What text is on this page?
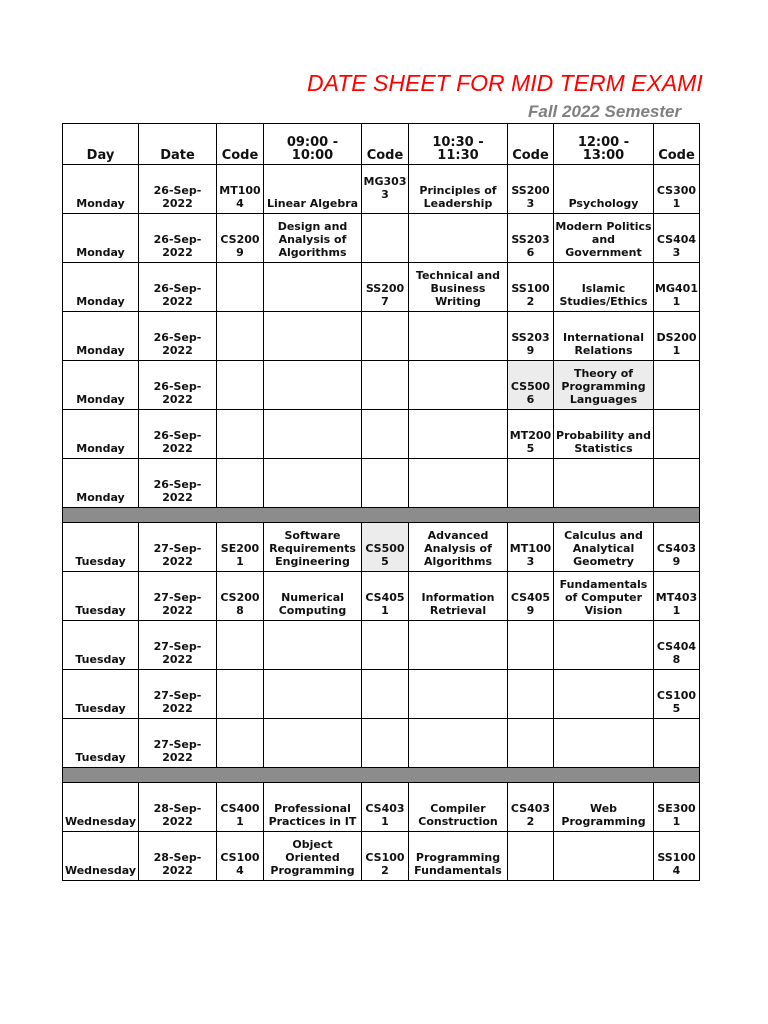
DATE SHEET FOR MID TERM EXAMI
Fall 2022 Semester
Day	Date	Code	09:00 - 10:00	Code	10:30 - 11:30	Code	12:00 - 13:00	Code
Monday	26-Sep-2022	MT1004	Linear Algebra	MG3033	Principles of Leadership	SS2003	Psychology	CS3001
Monday	26-Sep-2022	CS2009	Design and Analysis of Algorithms			SS2036	Modern Politics and Government	CS4043
Monday	26-Sep-2022			SS2007	Technical and Business Writing	SS1002	Islamic Studies/Ethics	MG4011
Monday	26-Sep-2022					SS2039	International Relations	DS2001
Monday	26-Sep-2022					CS5006	Theory of Programming Languages	
Monday	26-Sep-2022					MT2005	Probability and Statistics	
Monday	26-Sep-2022							

Tuesday	27-Sep-2022	SE2001	Software Requirements Engineering	CS5005	Advanced Analysis of Algorithms	MT1003	Calculus and Analytical Geometry	CS4039
Tuesday	27-Sep-2022	CS2008	Numerical Computing	CS4051	Information Retrieval	CS4059	Fundamentals of Computer Vision	MT4031
Tuesday	27-Sep-2022							CS4048
Tuesday	27-Sep-2022							CS1005
Tuesday	27-Sep-2022							

Wednesday	28-Sep-2022	CS4001	Professional Practices in IT	CS4031	Compiler Construction	CS4032	Web Programming	SE3001
Wednesday	28-Sep-2022	CS1004	Object Oriented Programming	CS1002	Programming Fundamentals			SS1004
